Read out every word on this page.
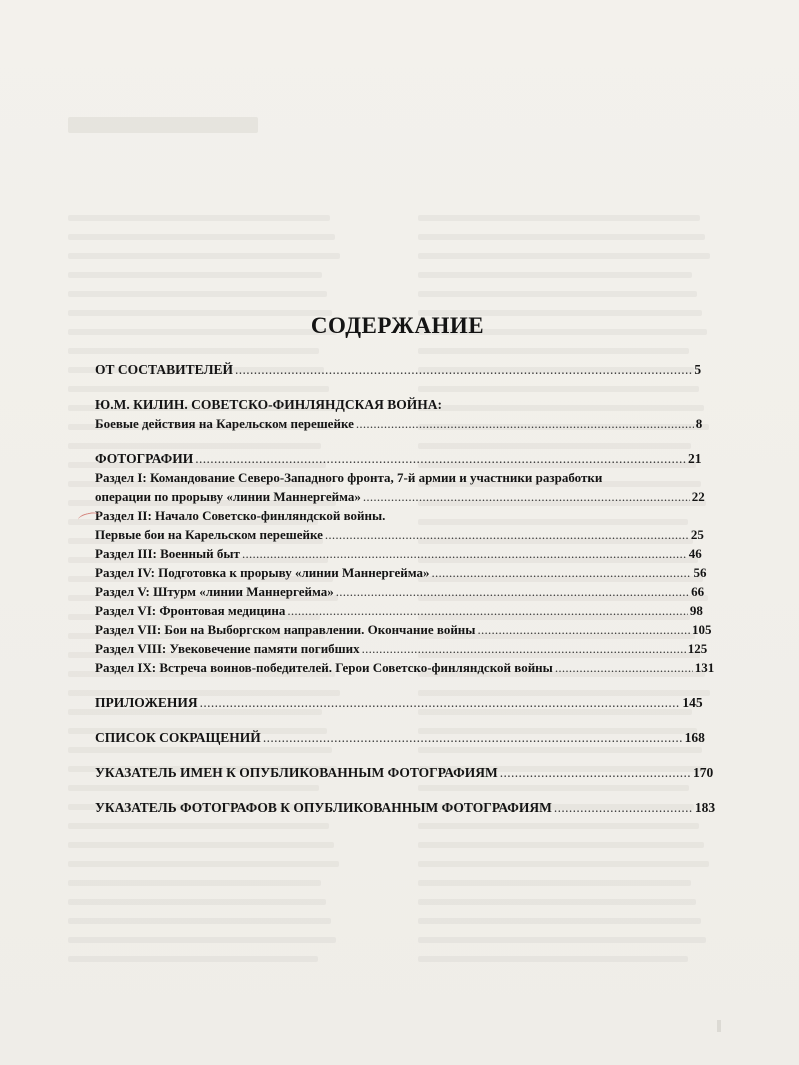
СОДЕРЖАНИЕ
ОТ СОСТАВИТЕЛЕЙ . . .	5
Ю.М. КИЛИН. СОВЕТСКО-ФИНЛЯНДСКАЯ ВОЙНА:
Боевые действия на Карельском перешейке . . .	8
ФОТОГРАФИИ . . .	21
Раздел I: Командование Северо-Западного фронта, 7-й армии и участники разработки
операции по прорыву «линии Маннергейма» . . .	22
Раздел II: Начало Советско-финляндской войны.
Первые бои на Карельском перешейке . . .	25
Раздел III: Военный быт . . .	46
Раздел IV: Подготовка к прорыву «линии Маннергейма» . . .	56
Раздел V: Штурм «линии Маннергейма» . . .	66
Раздел VI: Фронтовая медицина . . .	98
Раздел VII: Бои на Выборгском направлении. Окончание войны . . .	105
Раздел VIII: Увековечение памяти погибших . . .	125
Раздел IX: Встреча воинов-победителей. Герои Советско-финляндской войны . . .	131
ПРИЛОЖЕНИЯ . . .	145
СПИСОК СОКРАЩЕНИЙ . . .	168
УКАЗАТЕЛЬ ИМЕН К ОПУБЛИКОВАННЫМ ФОТОГРАФИЯМ . . .	170
УКАЗАТЕЛЬ ФОТОГРАФОВ К ОПУБЛИКОВАННЫМ ФОТОГРАФИЯМ . . .	183
